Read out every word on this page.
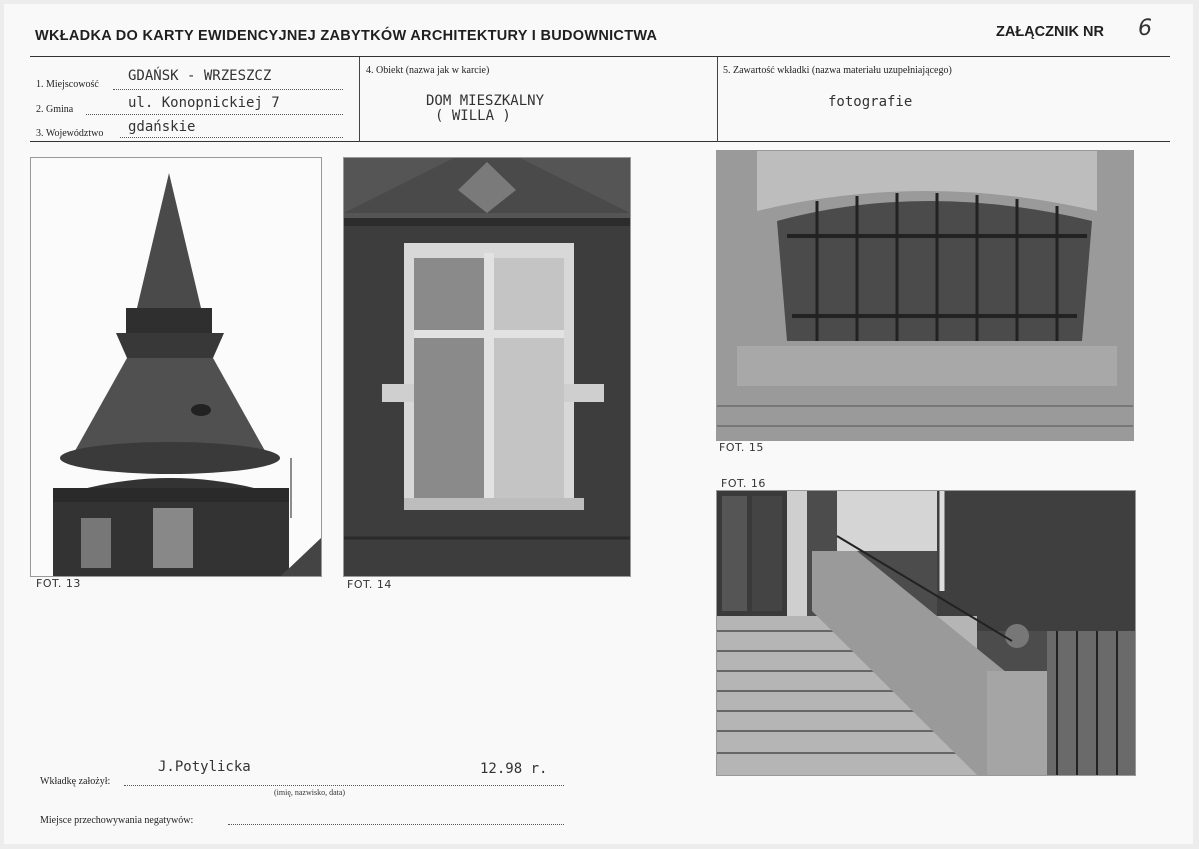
WKŁADKA DO KARTY EWIDENCYJNEJ ZABYTKÓW ARCHITEKTURY I BUDOWNICTWA	ZAŁĄCZNIK NR 6
1. Miejscowość
GDAŃSK - WRZESZCZ
2. Gmina	ul. Konopnickiej 7
3. Województwo gdańskie
4. Obiekt (nazwa jak w karcie)
DOM MIESZKALNY
( WILLA )
5. Zawartość wkładki (nazwa materiału uzupełniającego)
fotografie
FOT. 13	FOT. 14
FOT. 15
FOT. 16
J.Potylicka	12.98 r.
Wkładkę założył:
(imię, nazwisko, data)
Miejsce przechowywania negatywów:
